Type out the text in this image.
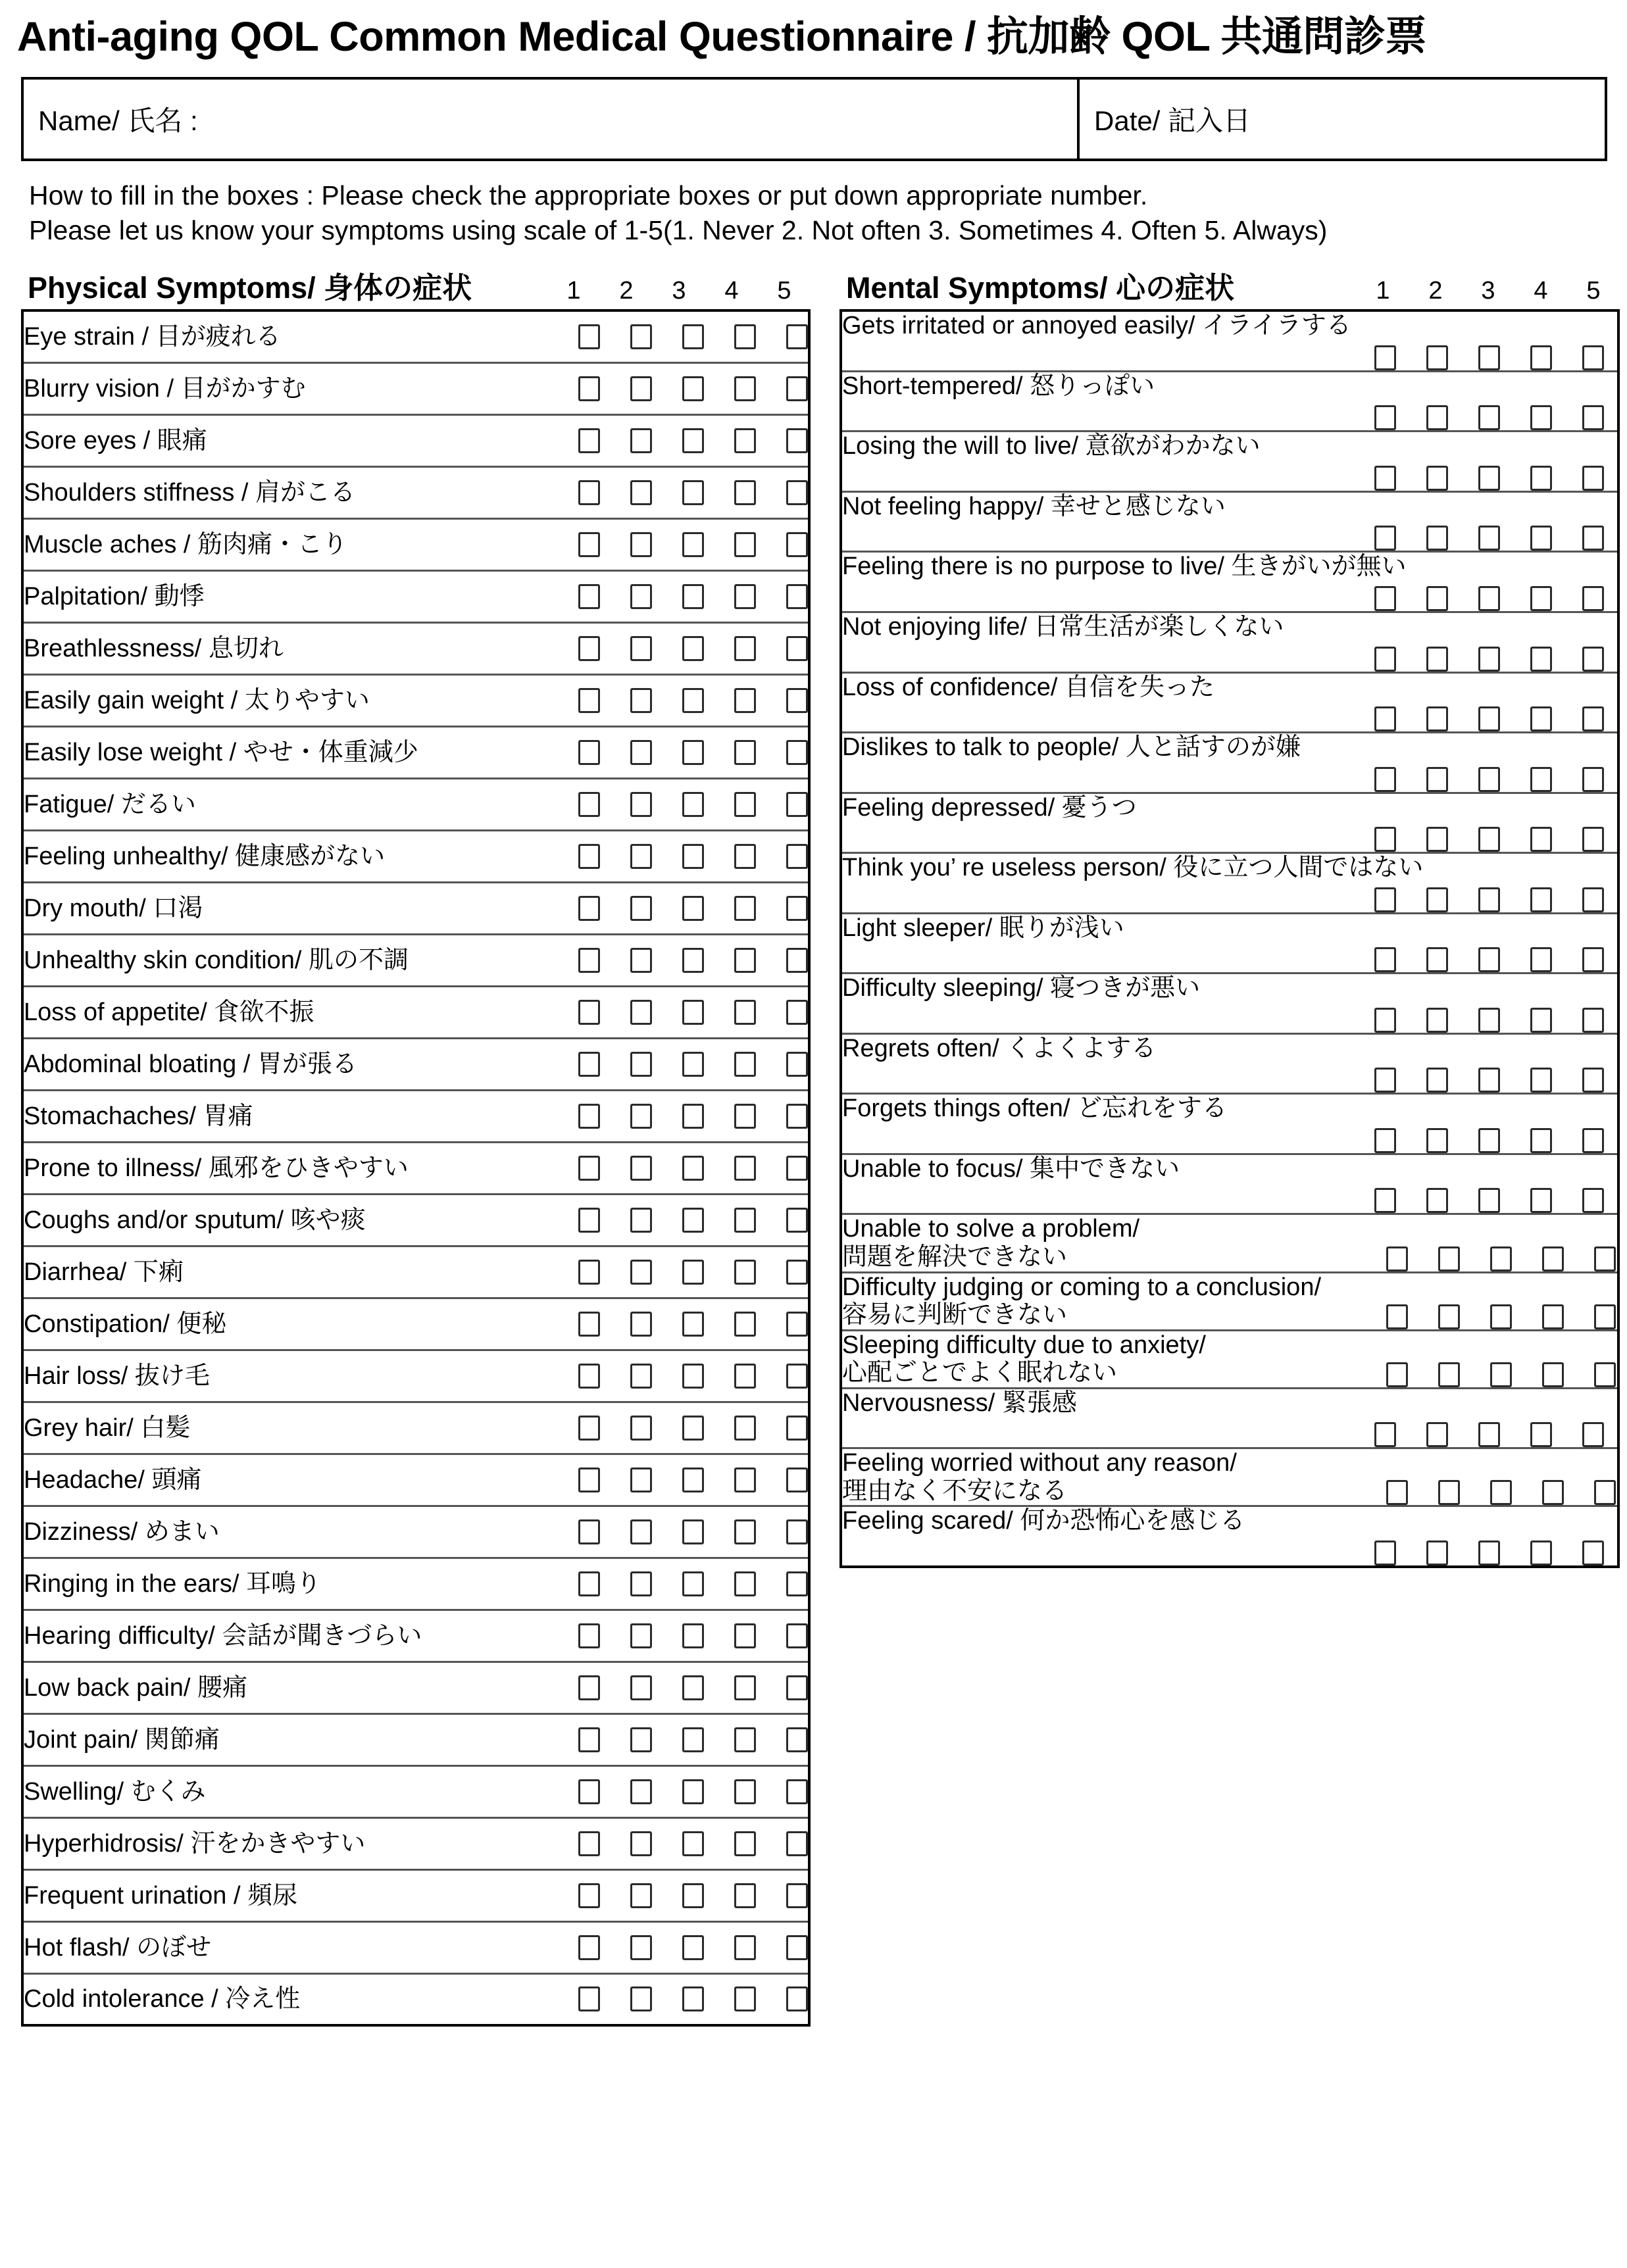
Anti-aging QOL Common Medical Questionnaire / 抗加齢 QOL 共通問診票
Name/ 氏名 :	Date/ 記入日
How to fill in the boxes : Please check the appropriate boxes or put down appropriate number.
Please let us know your symptoms using scale of 1-5(1. Never 2. Not often 3. Sometimes 4. Often 5. Always)
Physical Symptoms/ 身体の症状	1	2	3	4	5
Eye strain / 目が疲れる	
Blurry vision / 目がかすむ	
Sore eyes / 眼痛	
Shoulders stiffness / 肩がこる	
Muscle aches / 筋肉痛・こり	
Palpitation/ 動悸	
Breathlessness/ 息切れ	
Easily gain weight / 太りやすい	
Easily lose weight / やせ・体重減少	
Fatigue/ だるい	
Feeling unhealthy/ 健康感がない	
Dry mouth/ 口渇	
Unhealthy skin condition/ 肌の不調	
Loss of appetite/ 食欲不振	
Abdominal bloating / 胃が張る	
Stomachaches/ 胃痛	
Prone to illness/ 風邪をひきやすい	
Coughs and/or sputum/ 咳や痰	
Diarrhea/ 下痢	
Constipation/ 便秘	
Hair loss/ 抜け毛	
Grey hair/ 白髪	
Headache/ 頭痛	
Dizziness/ めまい	
Ringing in the ears/ 耳鳴り	
Hearing difficulty/ 会話が聞きづらい	
Low back pain/ 腰痛	
Joint pain/ 関節痛	
Swelling/ むくみ	
Hyperhidrosis/ 汗をかきやすい	
Frequent urination / 頻尿	
Hot flash/ のぼせ	
Cold intolerance / 冷え性	
Mental Symptoms/ 心の症状	1	2	3	4	5
Gets irritated or annoyed easily/ イライラする

Short-tempered/ 怒りっぽい

Losing the will to live/ 意欲がわかない

Not feeling happy/ 幸せと感じない

Feeling there is no purpose to live/ 生きがいが無い

Not enjoying life/ 日常生活が楽しくない

Loss of confidence/ 自信を失った

Dislikes to talk to people/ 人と話すのが嫌

Feeling depressed/ 憂うつ

Think you’ re useless person/ 役に立つ人間ではない

Light sleeper/ 眠りが浅い

Difficulty sleeping/ 寝つきが悪い

Regrets often/ くよくよする

Forgets things often/ ど忘れをする

Unable to focus/ 集中できない

Unable to solve a problem/
問題を解決できない

Difficulty judging or coming to a conclusion/
容易に判断できない

Sleeping difficulty due to anxiety/
心配ごとでよく眠れない

Nervousness/ 緊張感

Feeling worried without any reason/
理由なく不安になる

Feeling scared/ 何か恐怖心を感じる
